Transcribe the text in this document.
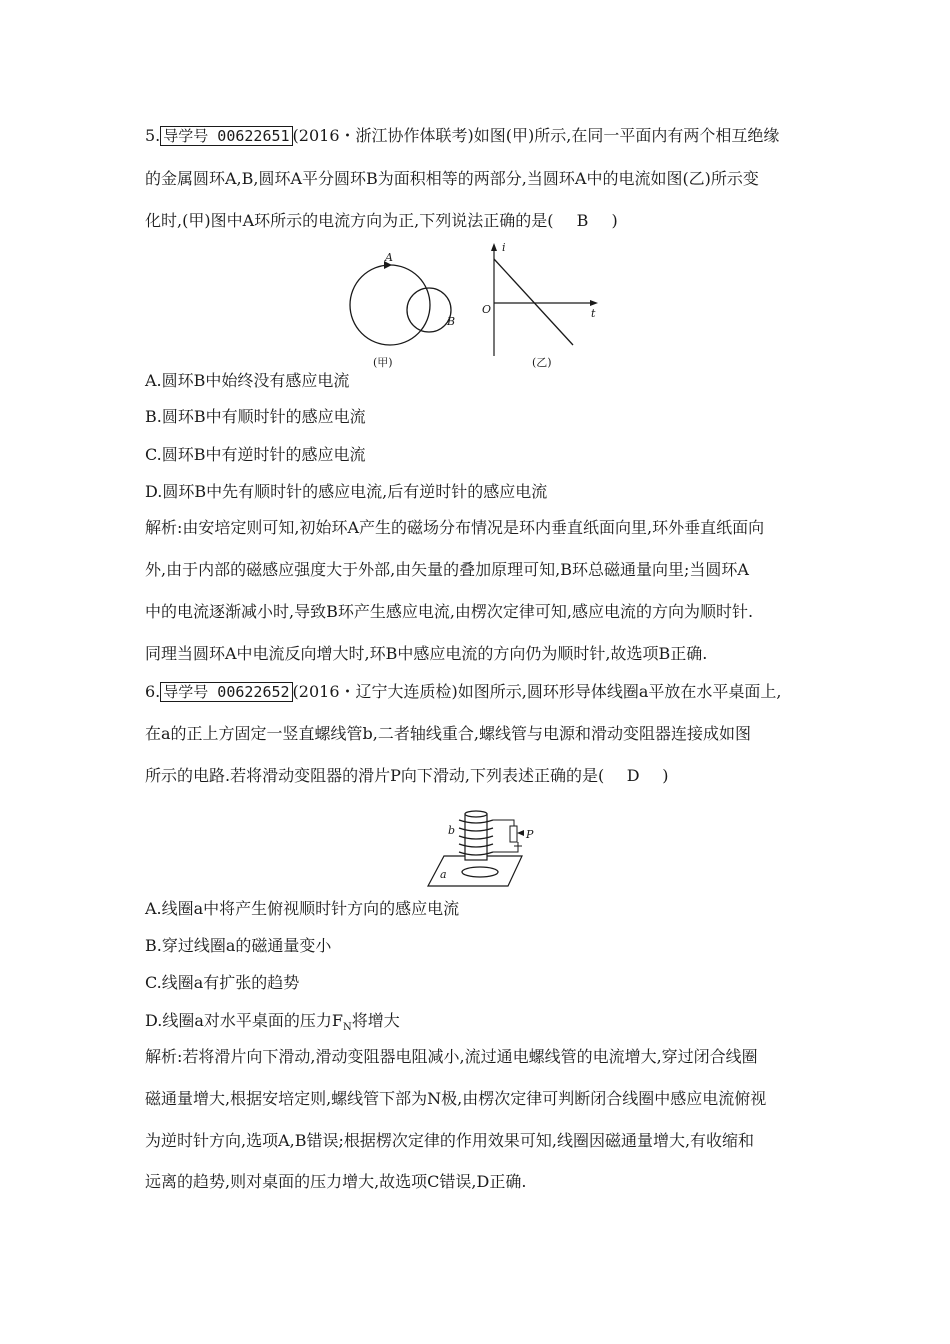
5. 导学号 00622651 (2016・浙江协作体联考)如图(甲)所示,在同一平面内有两个相互绝缘
的金属圆环A,B,圆环A平分圆环B为面积相等的两部分,当圆环A中的电流如图(乙)所示变
化时,(甲)图中A环所示的电流方向为正,下列说法正确的是( B )
A
B
(甲)
i
t
O
(乙)
A.圆环B中始终没有感应电流
B.圆环B中有顺时针的感应电流
C.圆环B中有逆时针的感应电流
D.圆环B中先有顺时针的感应电流,后有逆时针的感应电流
解析:由安培定则可知,初始环A产生的磁场分布情况是环内垂直纸面向里,环外垂直纸面向
外,由于内部的磁感应强度大于外部,由矢量的叠加原理可知,B环总磁通量向里;当圆环A
中的电流逐渐减小时,导致B环产生感应电流,由楞次定律可知,感应电流的方向为顺时针.
同理当圆环A中电流反向增大时,环B中感应电流的方向仍为顺时针,故选项B正确.
6. 导学号 00622652 (2016・辽宁大连质检)如图所示,圆环形导体线圈a平放在水平桌面上,
在a的正上方固定一竖直螺线管b,二者轴线重合,螺线管与电源和滑动变阻器连接成如图
所示的电路.若将滑动变阻器的滑片P向下滑动,下列表述正确的是( D )
b	P
a
A.线圈a中将产生俯视顺时针方向的感应电流
B.穿过线圈a的磁通量变小
C.线圈a有扩张的趋势
D.线圈a对水平桌面的压力$F_N$将增大
解析:若将滑片向下滑动,滑动变阻器电阻减小,流过通电螺线管的电流增大,穿过闭合线圈
磁通量增大,根据安培定则,螺线管下部为N极,由楞次定律可判断闭合线圈中感应电流俯视
为逆时针方向,选项A,B错误;根据楞次定律的作用效果可知,线圈因磁通量增大,有收缩和
远离的趋势,则对桌面的压力增大,故选项C错误,D正确.
